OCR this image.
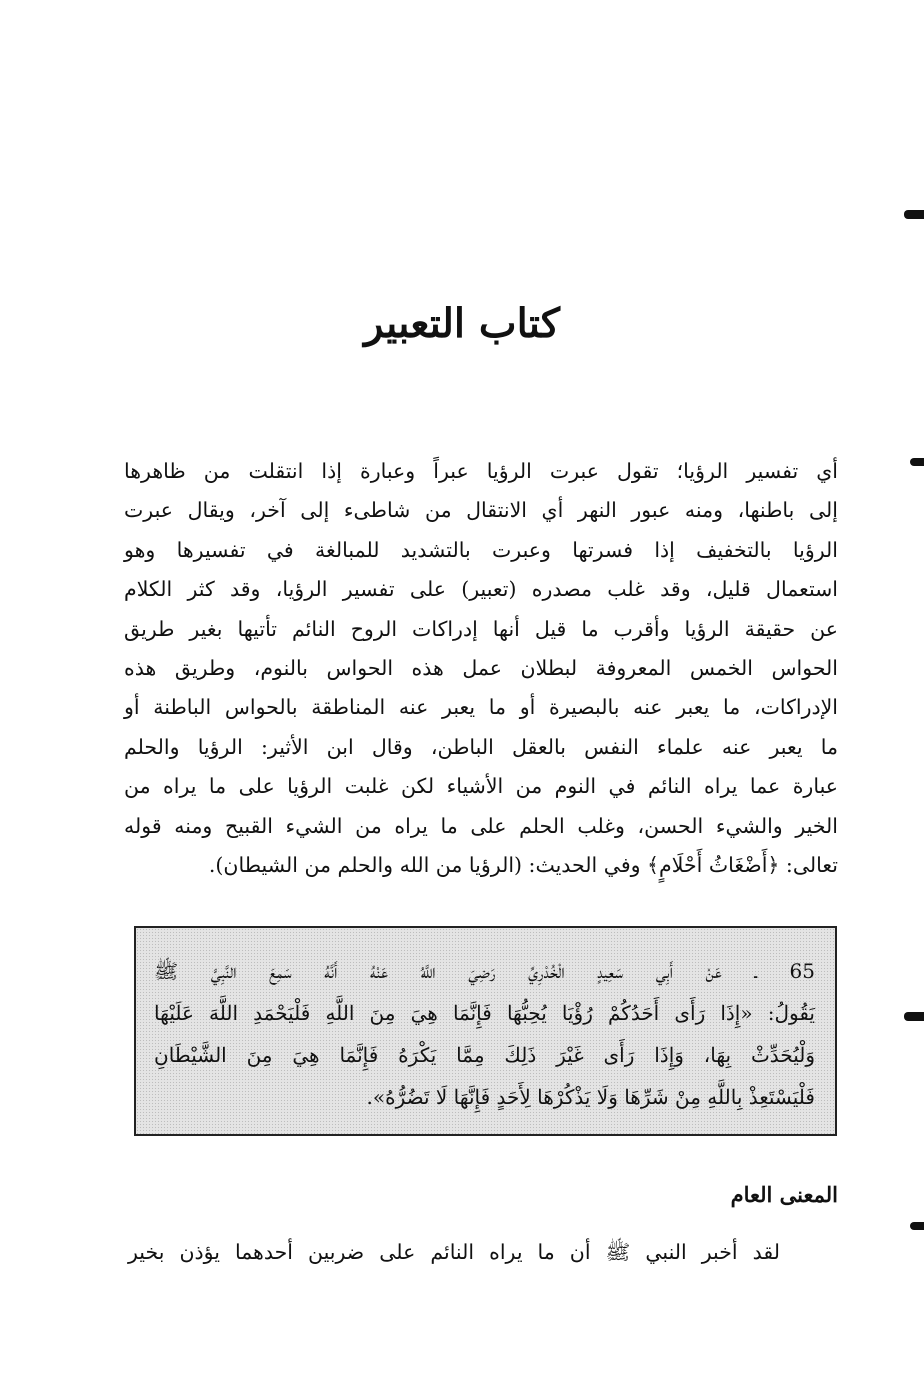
كتاب التعبير
أي تفسير الرؤيا؛ تقول عبرت الرؤيا عبراً وعبارة إذا انتقلت من ظاهرها
إلى باطنها، ومنه عبور النهر أي الانتقال من شاطىء إلى آخر، ويقال عبرت
الرؤيا بالتخفيف إذا فسرتها وعبرت بالتشديد للمبالغة في تفسيرها وهو
استعمال قليل، وقد غلب مصدره (تعبير) على تفسير الرؤيا، وقد كثر الكلام
عن حقيقة الرؤيا وأقرب ما قيل أنها إدراكات الروح النائم تأتيها بغير طريق
الحواس الخمس المعروفة لبطلان عمل هذه الحواس بالنوم، وطريق هذه
الإدراكات، ما يعبر عنه بالبصيرة أو ما يعبر عنه المناطقة بالحواس الباطنة أو
ما يعبر عنه علماء النفس بالعقل الباطن، وقال ابن الأثير: الرؤيا والحلم
عبارة عما يراه النائم في النوم من الأشياء لكن غلبت الرؤيا على ما يراه من
الخير والشيء الحسن، وغلب الحلم على ما يراه من الشيء القبيح ومنه قوله
تعالى: ﴿أَضْغَاثُ أَحْلَامٍ﴾ وفي الحديث: (الرؤيا من الله والحلم من الشيطان).
65 ـ عَنْ أَبِي سَعِيدٍ الْخُدْرِيِّ رَضِيَ اللَّهُ عَنْهُ أَنَّهُ سَمِعَ النَّبِيَّ ﷺ
يَقُولُ: «إِذَا رَأَى أَحَدُكُمْ رُؤْيَا يُحِبُّهَا فَإِنَّمَا هِيَ مِنَ اللَّهِ فَلْيَحْمَدِ اللَّهَ عَلَيْهَا
وَلْيُحَدِّثْ بِهَا، وَإِذَا رَأَى غَيْرَ ذَلِكَ مِمَّا يَكْرَهُ فَإِنَّمَا هِيَ مِنَ الشَّيْطَانِ
فَلْيَسْتَعِذْ بِاللَّهِ مِنْ شَرِّهَا وَلَا يَذْكُرْهَا لِأَحَدٍ فَإِنَّهَا لَا تَضُرُّهُ».
المعنى العام
لقد أخبر النبي ﷺ أن ما يراه النائم على ضربين أحدهما يؤذن بخير
